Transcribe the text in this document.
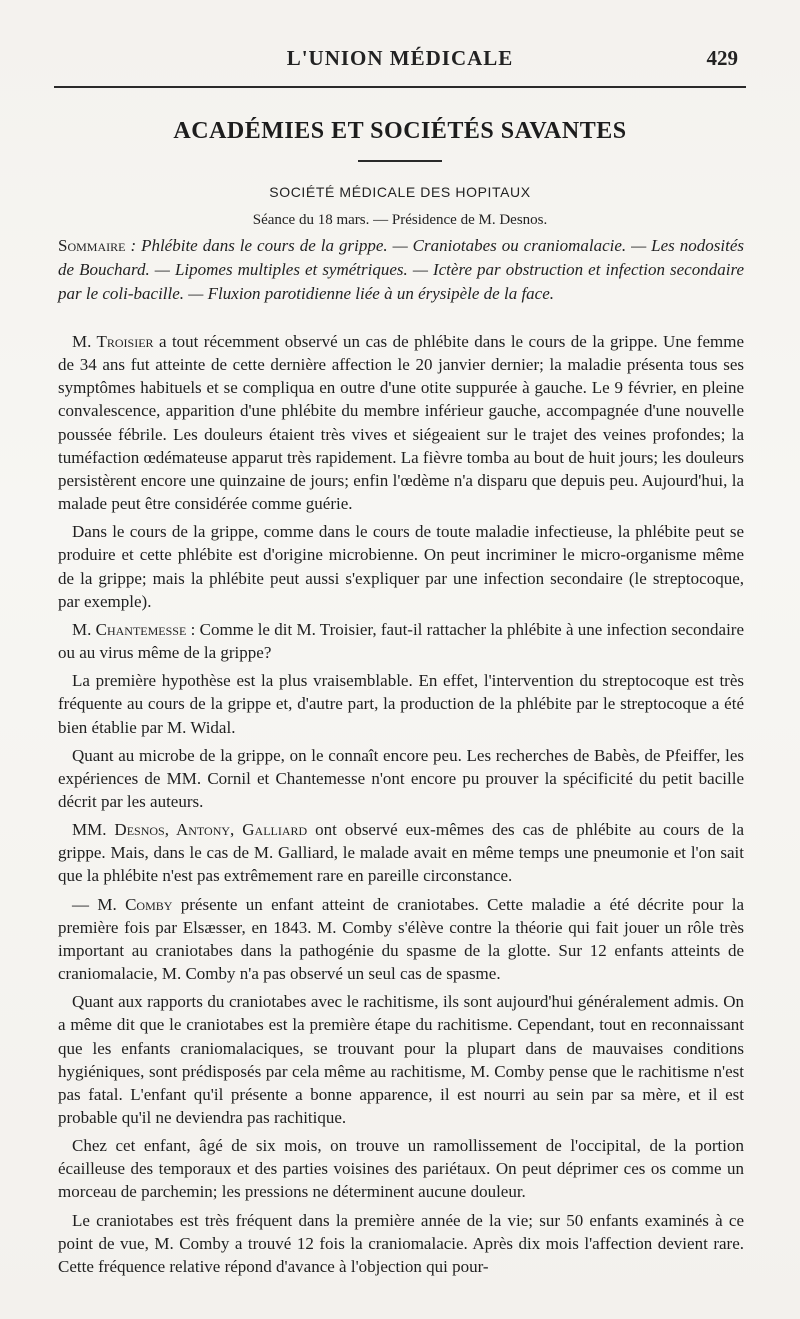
L'UNION MÉDICALE	429
ACADÉMIES ET SOCIÉTÉS SAVANTES
SOCIÉTÉ MÉDICALE DES HOPITAUX
Séance du 18 mars. — Présidence de M. Desnos.
Sommaire : Phlébite dans le cours de la grippe. — Craniotabes ou craniomalacie. — Les nodosités de Bouchard. — Lipomes multiples et symétriques. — Ictère par obstruction et infection secondaire par le coli-bacille. — Fluxion parotidienne liée à un érysipèle de la face.

M. Troisier a tout récemment observé un cas de phlébite dans le cours de la grippe. Une femme de 34 ans fut atteinte de cette dernière affection le 20 janvier dernier; la maladie présenta tous ses symptômes habituels et se compliqua en outre d'une otite suppurée à gauche. Le 9 février, en pleine convalescence, apparition d'une phlébite du membre inférieur gauche, accompagnée d'une nouvelle poussée fébrile. Les douleurs étaient très vives et siégeaient sur le trajet des veines profondes; la tuméfaction œdémateuse apparut très rapidement. La fièvre tomba au bout de huit jours; les douleurs persistèrent encore une quinzaine de jours; enfin l'œdème n'a disparu que depuis peu. Aujourd'hui, la malade peut être considérée comme guérie.

Dans le cours de la grippe, comme dans le cours de toute maladie infectieuse, la phlébite peut se produire et cette phlébite est d'origine microbienne. On peut incriminer le micro-organisme même de la grippe; mais la phlébite peut aussi s'expliquer par une infection secondaire (le streptocoque, par exemple).

M. Chantemesse : Comme le dit M. Troisier, faut-il rattacher la phlébite à une infection secondaire ou au virus même de la grippe?

La première hypothèse est la plus vraisemblable. En effet, l'intervention du streptocoque est très fréquente au cours de la grippe et, d'autre part, la production de la phlébite par le streptocoque a été bien établie par M. Widal.

Quant au microbe de la grippe, on le connaît encore peu. Les recherches de Babès, de Pfeiffer, les expériences de MM. Cornil et Chantemesse n'ont encore pu prouver la spécificité du petit bacille décrit par les auteurs.

MM. Desnos, Antony, Galliard ont observé eux-mêmes des cas de phlébite au cours de la grippe. Mais, dans le cas de M. Galliard, le malade avait en même temps une pneumonie et l'on sait que la phlébite n'est pas extrêmement rare en pareille circonstance.

— M. Comby présente un enfant atteint de craniotabes. Cette maladie a été décrite pour la première fois par Elsæsser, en 1843. M. Comby s'élève contre la théorie qui fait jouer un rôle très important au craniotabes dans la pathogénie du spasme de la glotte. Sur 12 enfants atteints de craniomalacie, M. Comby n'a pas observé un seul cas de spasme.

Quant aux rapports du craniotabes avec le rachitisme, ils sont aujourd'hui généralement admis. On a même dit que le craniotabes est la première étape du rachitisme. Cependant, tout en reconnaissant que les enfants craniomalaciques, se trouvant pour la plupart dans de mauvaises conditions hygiéniques, sont prédisposés par cela même au rachitisme, M. Comby pense que le rachitisme n'est pas fatal. L'enfant qu'il présente a bonne apparence, il est nourri au sein par sa mère, et il est probable qu'il ne deviendra pas rachitique.

Chez cet enfant, âgé de six mois, on trouve un ramollissement de l'occipital, de la portion écailleuse des temporaux et des parties voisines des pariétaux. On peut déprimer ces os comme un morceau de parchemin; les pressions ne déterminent aucune douleur.

Le craniotabes est très fréquent dans la première année de la vie; sur 50 enfants examinés à ce point de vue, M. Comby a trouvé 12 fois la craniomalacie. Après dix mois l'affection devient rare. Cette fréquence relative répond d'avance à l'objection qui pour-
